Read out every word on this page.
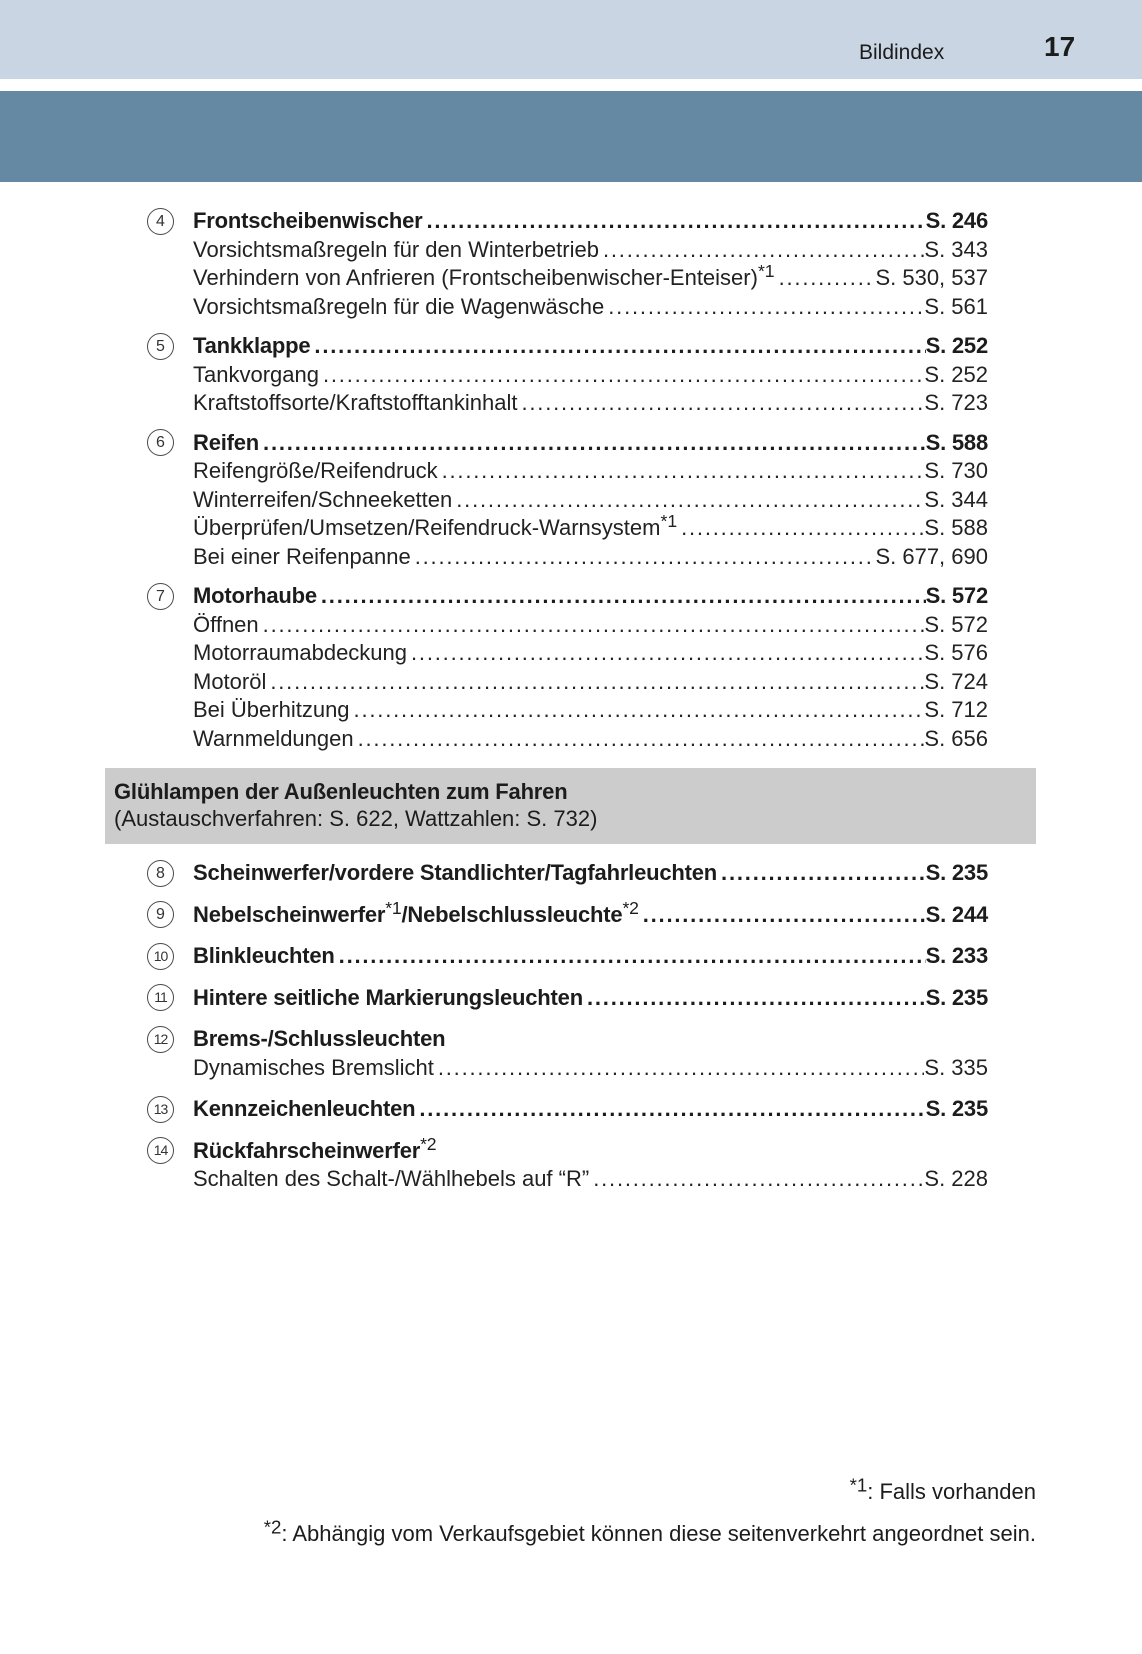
Bildindex	17
4	Frontscheibenwischer .....	S. 246
Vorsichtsmaßregeln für den Winterbetrieb .....	S. 343
Verhindern von Anfrieren (Frontscheibenwischer-Enteiser)$^{*1}$ .....	S. 530, 537
Vorsichtsmaßregeln für die Wagenwäsche .....	S. 561
5	Tankklappe .....	S. 252
Tankvorgang .....	S. 252
Kraftstoffsorte/Kraftstofftankinhalt .....	S. 723
6	Reifen .....	S. 588
Reifengröße/Reifendruck .....	S. 730
Winterreifen/Schneeketten .....	S. 344
Überprüfen/Umsetzen/Reifendruck-Warnsystem$^{*1}$ .....	S. 588
Bei einer Reifenpanne .....	S. 677, 690
7	Motorhaube .....	S. 572
Öffnen .....	S. 572
Motorraumabdeckung .....	S. 576
Motoröl .....	S. 724
Bei Überhitzung .....	S. 712
Warnmeldungen .....	S. 656
Glühlampen der Außenleuchten zum Fahren
(Austauschverfahren: S. 622, Wattzahlen: S. 732)
8	Scheinwerfer/vordere Standlichter/Tagfahrleuchten .....	S. 235
9	Nebelscheinwerfer$^{*1}$/Nebelschlussleuchte$^{*2}$ .....	S. 244
10	Blinkleuchten .....	S. 233
11	Hintere seitliche Markierungsleuchten .....	S. 235
12	Brems-/Schlussleuchten
Dynamisches Bremslicht .....	S. 335
13	Kennzeichenleuchten .....	S. 235
14	Rückfahrscheinwerfer$^{*2}$
Schalten des Schalt-/Wählhebels auf “R” .....	S. 228
$^{*1}$: Falls vorhanden
$^{*2}$: Abhängig vom Verkaufsgebiet können diese seitenverkehrt angeordnet sein.
